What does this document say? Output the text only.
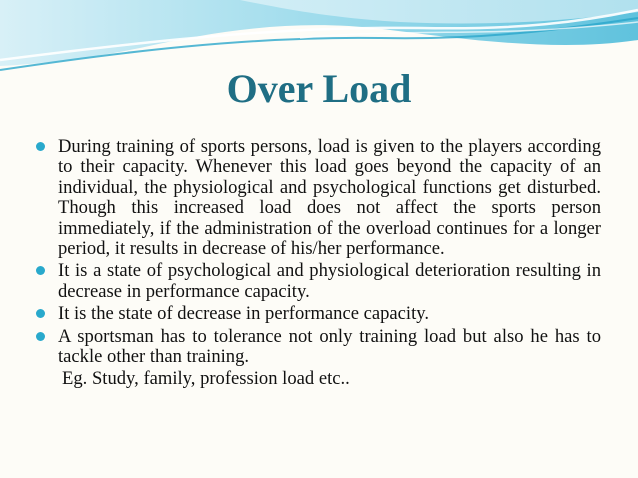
Over Load
During training of sports persons, load is given to the players according to their capacity. Whenever this load goes beyond the capacity of an individual, the physiological and psychological functions get disturbed. Though this increased load does not affect the sports person immediately, if the administration of the overload continues for a longer period, it results in decrease of his/her performance.
It is a state of psychological and physiological deterioration resulting in decrease in performance capacity.
It is the state of decrease in performance capacity.
A sportsman has to tolerance not only training load but also he has to tackle other than training.
Eg. Study, family, profession load etc..
